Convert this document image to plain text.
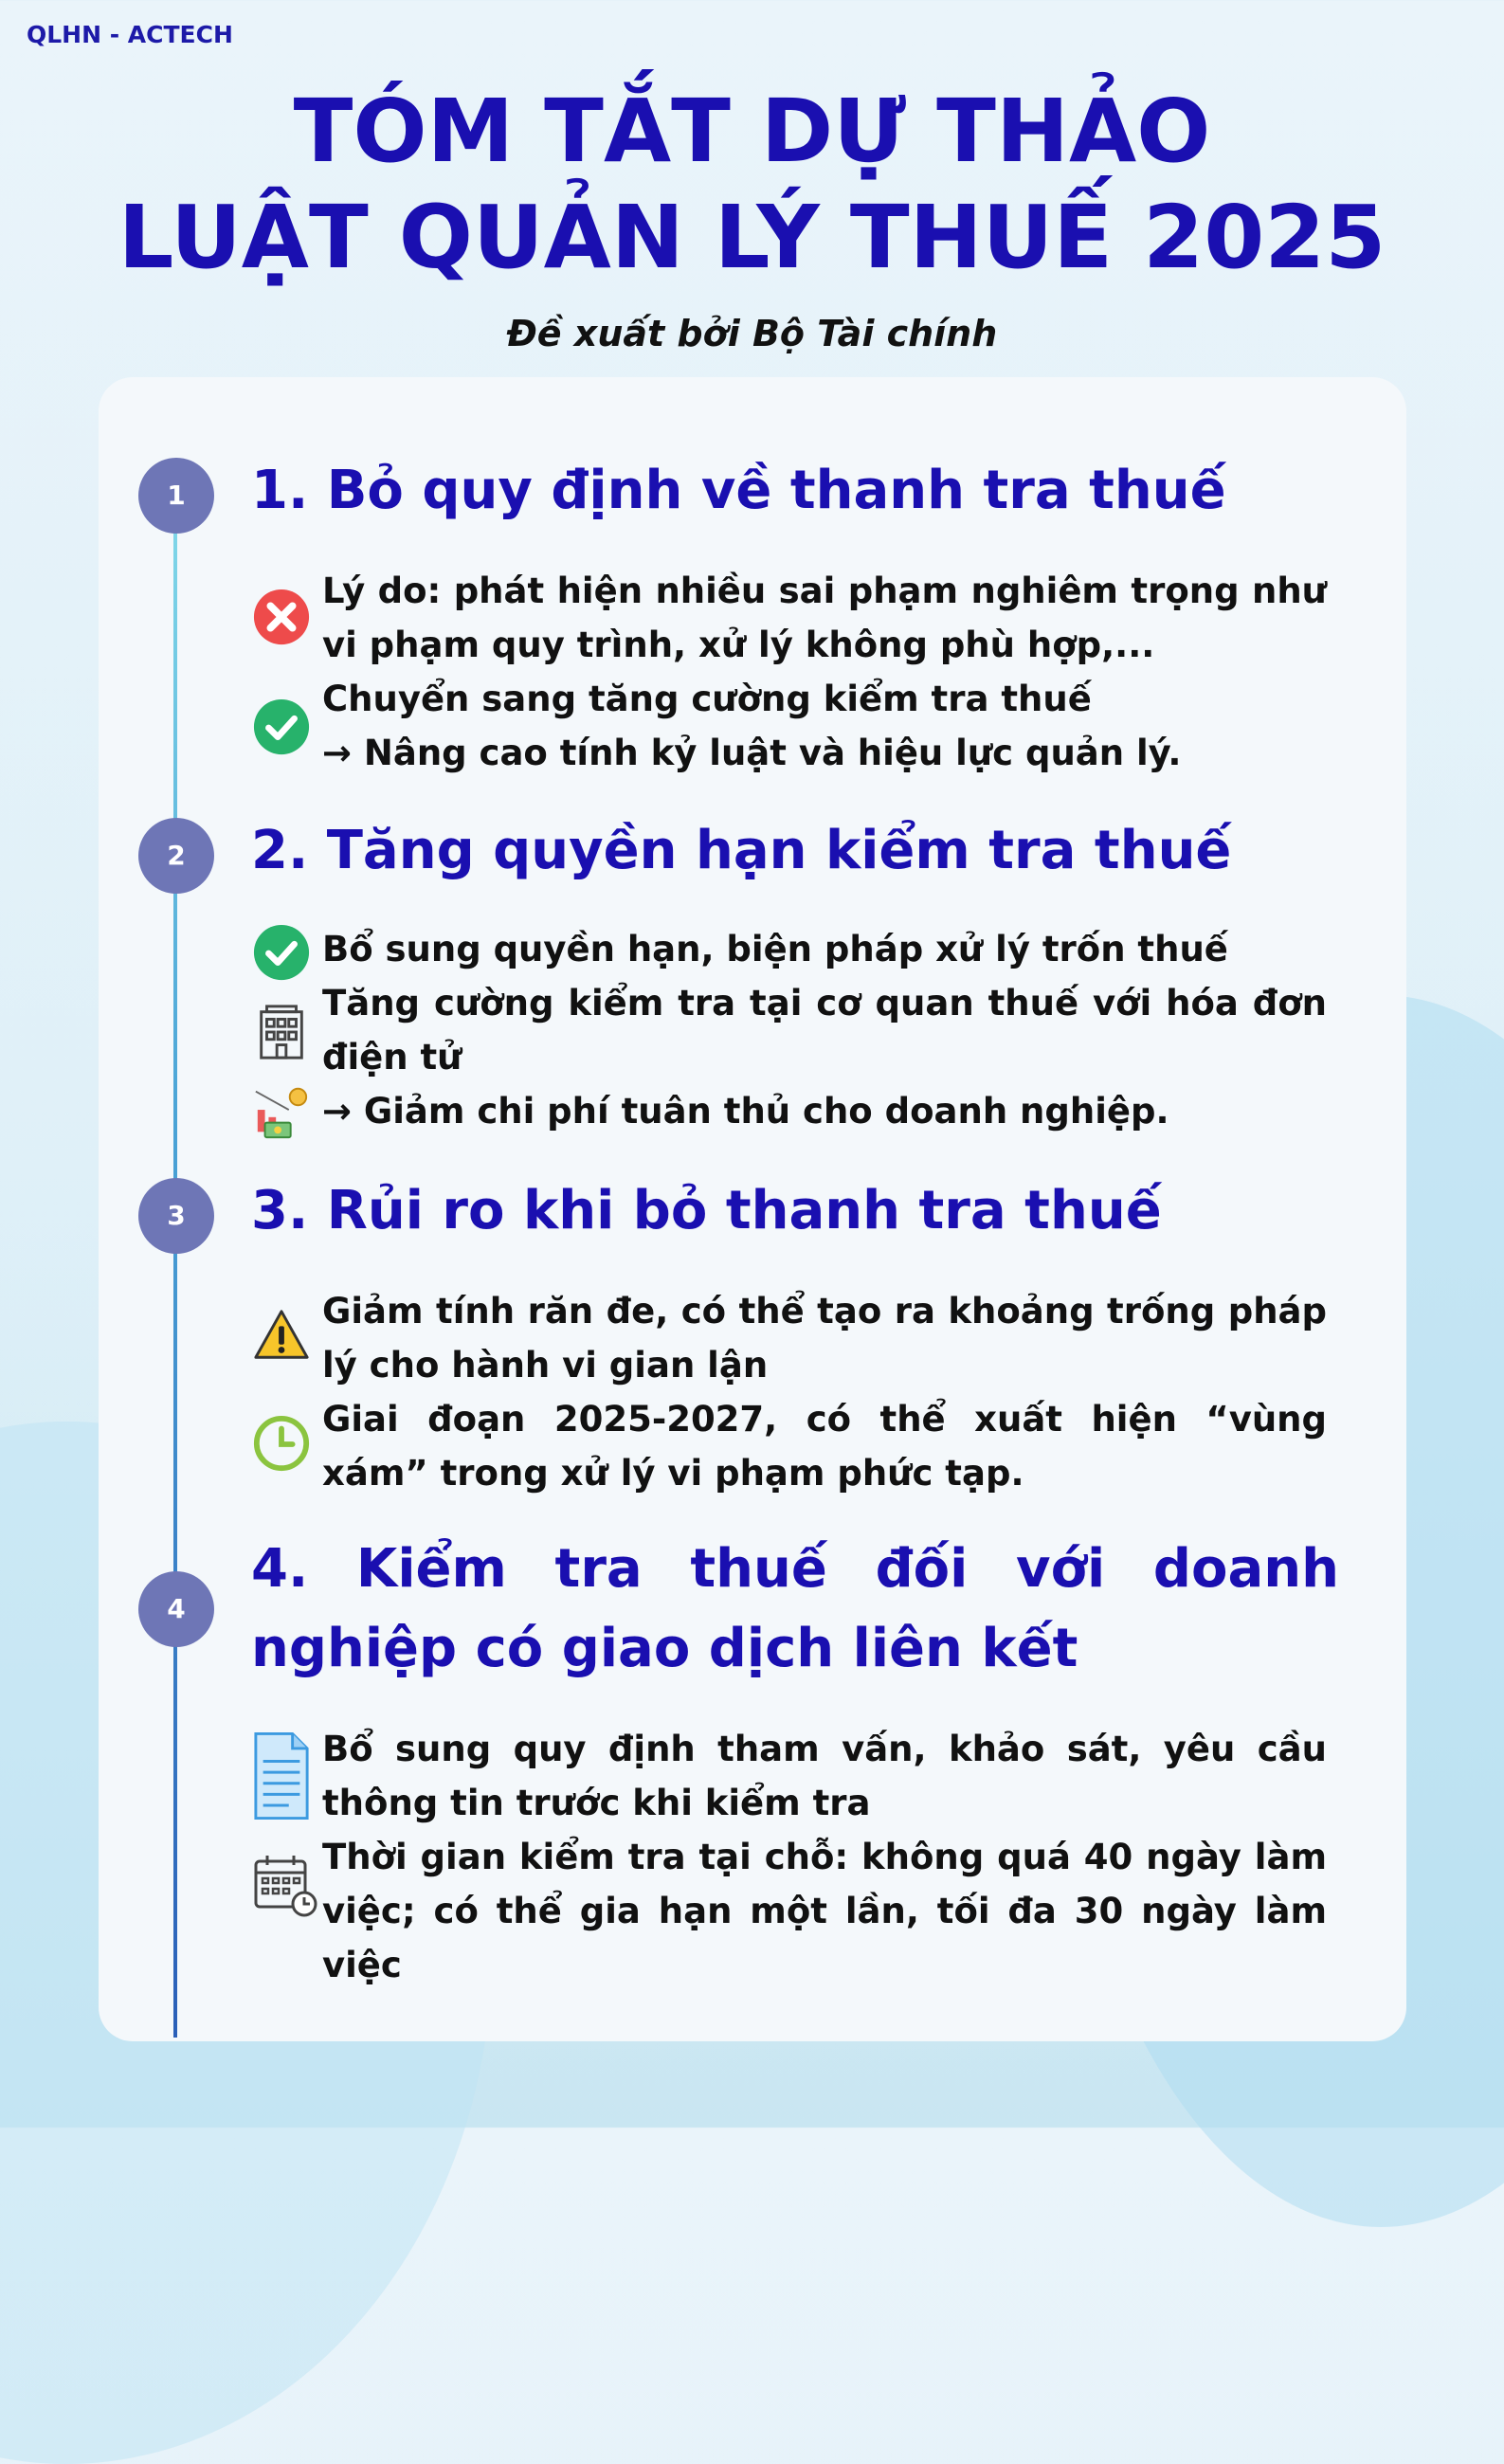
QLHN - ACTECH
TÓM TẮT DỰ THẢO
LUẬT QUẢN LÝ THUẾ 2025
Đề xuất bởi Bộ Tài chính
1	1. Bỏ quy định về thanh tra thuế
Lý do: phát hiện nhiều sai phạm nghiêm trọng như vi phạm quy trình, xử lý không phù hợp,...
Chuyển sang tăng cường kiểm tra thuế
→ Nâng cao tính kỷ luật và hiệu lực quản lý.
2	2. Tăng quyền hạn kiểm tra thuế
Bổ sung quyền hạn, biện pháp xử lý trốn thuế
Tăng cường kiểm tra tại cơ quan thuế với hóa đơn điện tử
→ Giảm chi phí tuân thủ cho doanh nghiệp.
3	3. Rủi ro khi bỏ thanh tra thuế
Giảm tính răn đe, có thể tạo ra khoảng trống pháp lý cho hành vi gian lận
Giai đoạn 2025-2027, có thể xuất hiện “vùng xám” trong xử lý vi phạm phức tạp.
4
4. Kiểm tra thuế đối với doanh nghiệp có giao dịch liên kết
Bổ sung quy định tham vấn, khảo sát, yêu cầu thông tin trước khi kiểm tra
Thời gian kiểm tra tại chỗ: không quá 40 ngày làm việc; có thể gia hạn một lần, tối đa 30 ngày làm việc
